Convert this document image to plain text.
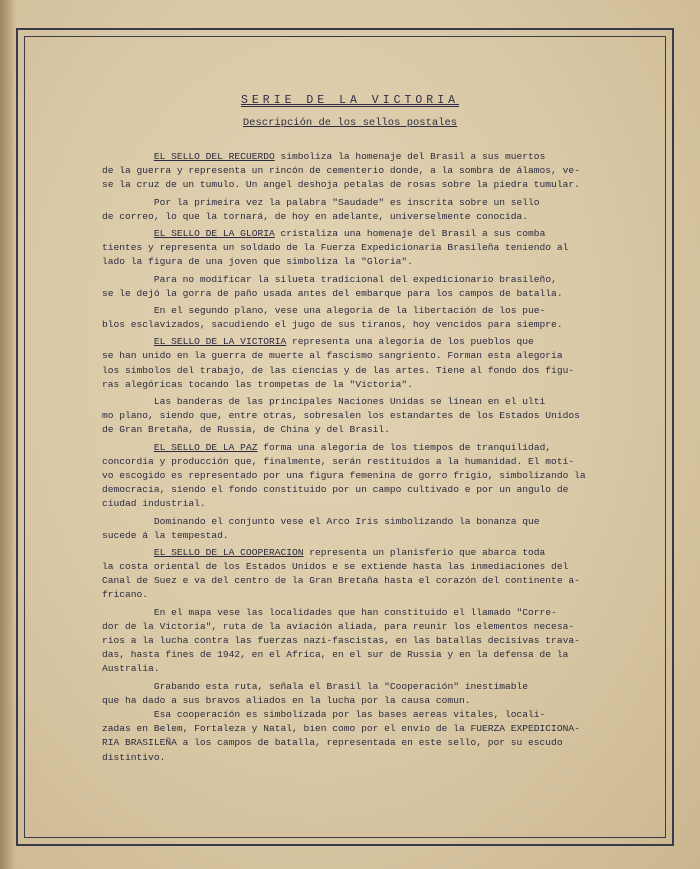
SERIE DE LA VICTORIA
Descripción de los sellos postales
EL SELLO DEL RECUERDO simboliza la homenaje del Brasil a sus muertos
de la guerra y representa un rincón de cementerio donde, a la sombra de álamos, ve-
se la cruz de un tumulo. Un angel deshoja petalas de rosas sobre la piedra tumular.
Por la primeira vez la palabra "Saudade" es inscrita sobre un sello
de correo, lo que la tornará, de hoy en adelante, universelmente conocida.
EL SELLO DE LA GLORIA cristaliza una homenaje del Brasil a sus comba
tientes y representa un soldado de la Fuerza Expedicionaria Brasileña teniendo al
lado la figura de una joven que simboliza la "Gloria".
Para no modificar la silueta tradicional del expedicionario brasileño,
se le dejó la gorra de paño usada antes del embarque para los campos de batalla.
En el segundo plano, vese una alegoria de la libertación de los pue-
blos esclavizados, sacudiendo el jugo de sus tiranos, hoy vencidos para siempre.
EL SELLO DE LA VICTORIA representa una alegoria de los pueblos que
se han unido en la guerra de muerte al fascismo sangriento. Forman esta alegoria
los simbolos del trabajo, de las ciencias y de las artes. Tiene al fondo dos figu-
ras alegóricas tocando las trompetas de la "Victoria".
Las banderas de las principales Naciones Unidas se linean en el ulti
mo plano, siendo que, entre otras, sobresalen los estandartes de los Estados Unidos
de Gran Bretaña, de Russia, de China y del Brasil.
EL SELLO DE LA PAZ forma una alegoria de los tiempos de tranquilidad,
concordia y producción que, finalmente, serán restituidos a la humanidad. El moti-
vo escogido es representado por una figura femenina de gorro frigio, simbolizando la
democracia, siendo el fondo constituido por un campo cultivado e por un angulo de
ciudad industrial.
Dominando el conjunto vese el Arco Iris simbolizando la bonanza que
sucede á la tempestad.
EL SELLO DE LA COOPERACION representa un planisferio que abarca toda
la costa oriental de los Estados Unidos e se extiende hasta las inmediaciones del
Canal de Suez e va del centro de la Gran Bretaña hasta el corazón del continente a-
fricano.
En el mapa vese las localidades que han constituido el llamado "Corre-
dor de la Victoria", ruta de la aviación aliada, para reunir los elementos necesa-
rios a la lucha contra las fuerzas nazi-fascistas, en las batallas decisivas trava-
das, hasta fines de 1942, en el Africa, en el sur de Russia y en la defensa de la
Australia.
Grabando esta ruta, señala el Brasil la "Cooperación" inestimable
que ha dado a sus bravos aliados en la lucha por la causa comun.
Esa cooperación es simbolizada por las bases aereas vitales, locali-
zadas en Belem, Fortaleza y Natal, bien como por el envio de la FUERZA EXPEDICIONA-
RIA BRASILEÑA a los campos de batalla, representada en este sello, por su escudo
distintivo.
